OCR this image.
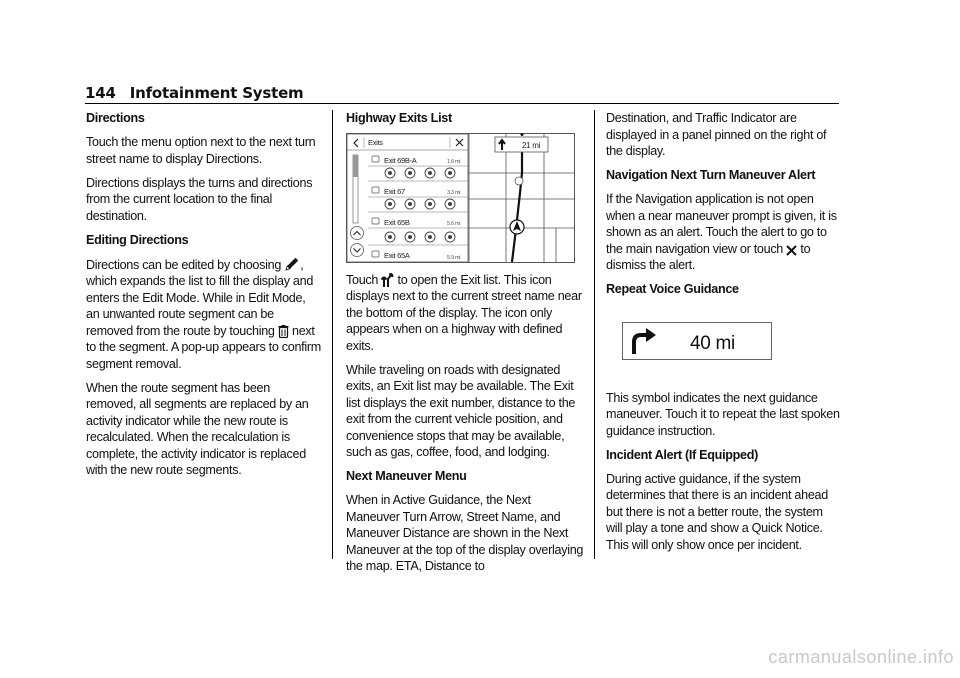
144 Infotainment System

Directions

Touch the menu option next to the next turn street name to display Directions.

Directions displays the turns and directions from the current location to the final destination.

Editing Directions

Directions can be edited by choosing , which expands the list to fill the display and enters the Edit Mode. While in Edit Mode, an unwanted route segment can be removed from the route by touching  next to the segment. A pop-up appears to confirm segment removal.

When the route segment has been removed, all segments are replaced by an activity indicator while the new route is recalculated. When the recalculation is complete, the activity indicator is replaced with the new route segments.

Highway Exits List

21 mi
Exits
Exit 69B-A	1.6 mi
Exit 67	3.3 mi
Exit 65B	5.6 mi
Exit 65A	5.9 mi

Touch  to open the Exit list. This icon displays next to the current street name near the bottom of the display. The icon only appears when on a highway with defined exits.

While traveling on roads with designated exits, an Exit list may be available. The Exit list displays the exit number, distance to the exit from the current vehicle position, and convenience stops that may be available, such as gas, coffee, food, and lodging.

Next Maneuver Menu

When in Active Guidance, the Next Maneuver Turn Arrow, Street Name, and Maneuver Distance are shown in the Next Maneuver at the top of the display overlaying the map. ETA, Distance to

Destination, and Traffic Indicator are displayed in a panel pinned on the right of the display.

Navigation Next Turn Maneuver Alert

If the Navigation application is not open when a near maneuver prompt is given, it is shown as an alert. Touch the alert to go to the main navigation view or touch  to dismiss the alert.

Repeat Voice Guidance

40 mi

This symbol indicates the next guidance maneuver. Touch it to repeat the last spoken guidance instruction.

Incident Alert (If Equipped)

During active guidance, if the system determines that there is an incident ahead but there is not a better route, the system will play a tone and show a Quick Notice. This will only show once per incident.

carmanualsonline.info
